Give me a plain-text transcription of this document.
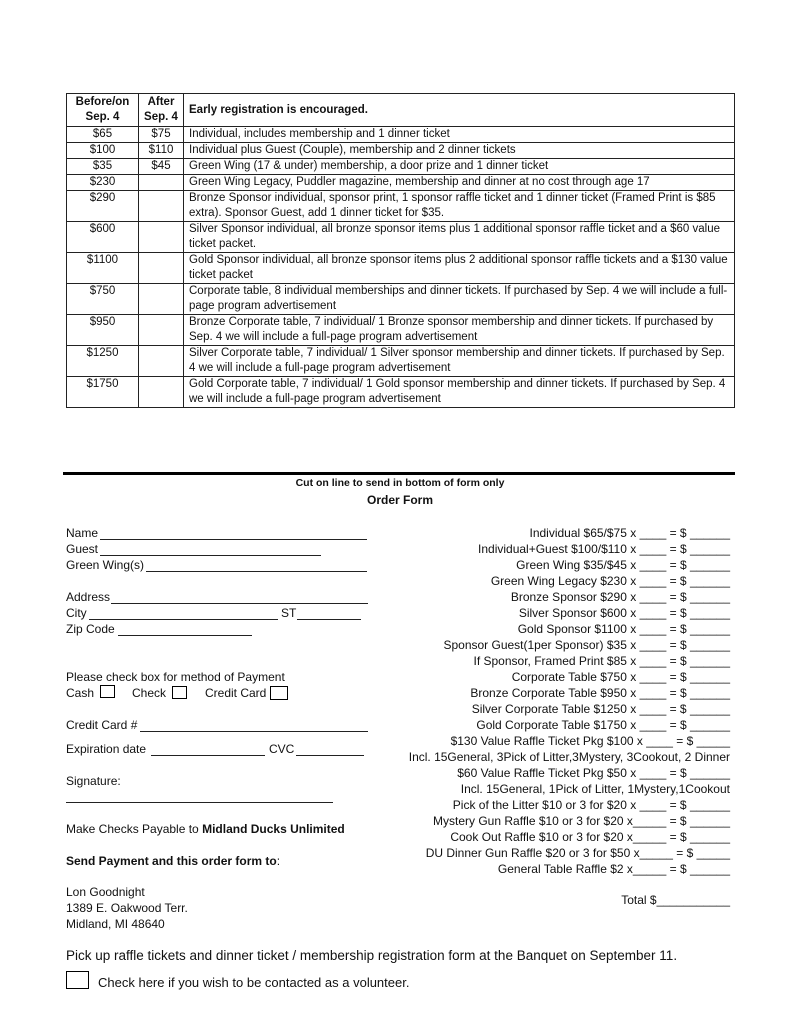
Before/on Sep. 4	After Sep. 4	Early registration is encouraged.
$65	$75	Individual, includes membership and 1 dinner ticket
$100	$110	Individual plus Guest (Couple), membership and 2 dinner tickets
$35	$45	Green Wing (17 & under) membership, a door prize and 1 dinner ticket
$230		Green Wing Legacy, Puddler magazine, membership and dinner at no cost through age 17
$290		Bronze Sponsor individual, sponsor print, 1 sponsor raffle ticket and 1 dinner ticket (Framed Print is $85 extra). Sponsor Guest, add 1 dinner ticket for $35.
$600		Silver Sponsor individual, all bronze sponsor items plus 1 additional sponsor raffle ticket and a $60 value ticket packet.
$1100		Gold Sponsor individual, all bronze sponsor items plus 2 additional sponsor raffle tickets and a $130 value ticket packet
$750		Corporate table, 8 individual memberships and dinner tickets. If purchased by Sep. 4 we will include a full-page program advertisement
$950		Bronze Corporate table, 7 individual/ 1 Bronze sponsor membership and dinner tickets. If purchased by Sep. 4 we will include a full-page program advertisement
$1250		Silver Corporate table, 7 individual/ 1 Silver sponsor membership and dinner tickets. If purchased by Sep. 4 we will include a full-page program advertisement
$1750		Gold Corporate table, 7 individual/ 1 Gold sponsor membership and dinner tickets. If purchased by Sep. 4 we will include a full-page program advertisement
Cut on line to send in bottom of form only
Order Form
Name
Guest
Green Wing(s)
Address
City	ST
Zip Code
Please check box for method of Payment
Cash	Check	Credit Card
Credit Card #
Expiration date	CVC
Signature:
Make Checks Payable to Midland Ducks Unlimited
Send Payment and this order form to:
Lon Goodnight
1389 E. Oakwood Terr.
Midland, MI 48640
Individual $65/$75 x ____ = $ ______
Individual+Guest $100/$110 x ____ = $ ______
Green Wing $35/$45 x ____ = $ ______
Green Wing Legacy $230 x ____ = $ ______
Bronze Sponsor $290 x ____ = $ ______
Silver Sponsor $600 x ____ = $ ______
Gold Sponsor $1100 x ____ = $ ______
Sponsor Guest(1per Sponsor) $35 x ____ = $ ______
If Sponsor, Framed Print $85 x ____ = $ ______
Corporate Table $750 x ____ = $ ______
Bronze Corporate Table $950 x ____ = $ ______
Silver Corporate Table $1250 x ____ = $ ______
Gold Corporate Table $1750 x ____ = $ ______
$130 Value Raffle Ticket Pkg $100 x ____ = $ _____
Incl. 15General, 3Pick of Litter,3Mystery, 3Cookout, 2 Dinner
$60 Value Raffle Ticket Pkg $50 x ____ = $ ______
Incl. 15General, 1Pick of Litter, 1Mystery,1Cookout
Pick of the Litter $10 or 3 for $20 x ____ = $ ______
Mystery Gun Raffle $10 or 3 for $20 x_____ = $ ______
Cook Out Raffle $10 or 3 for $20 x_____ = $ ______
DU Dinner Gun Raffle $20 or 3 for $50 x_____ = $ _____
General Table Raffle $2 x_____ = $ ______
Total $___________
Pick up raffle tickets and dinner ticket / membership registration form at the Banquet on September 11.
Check here if you wish to be contacted as a volunteer.
